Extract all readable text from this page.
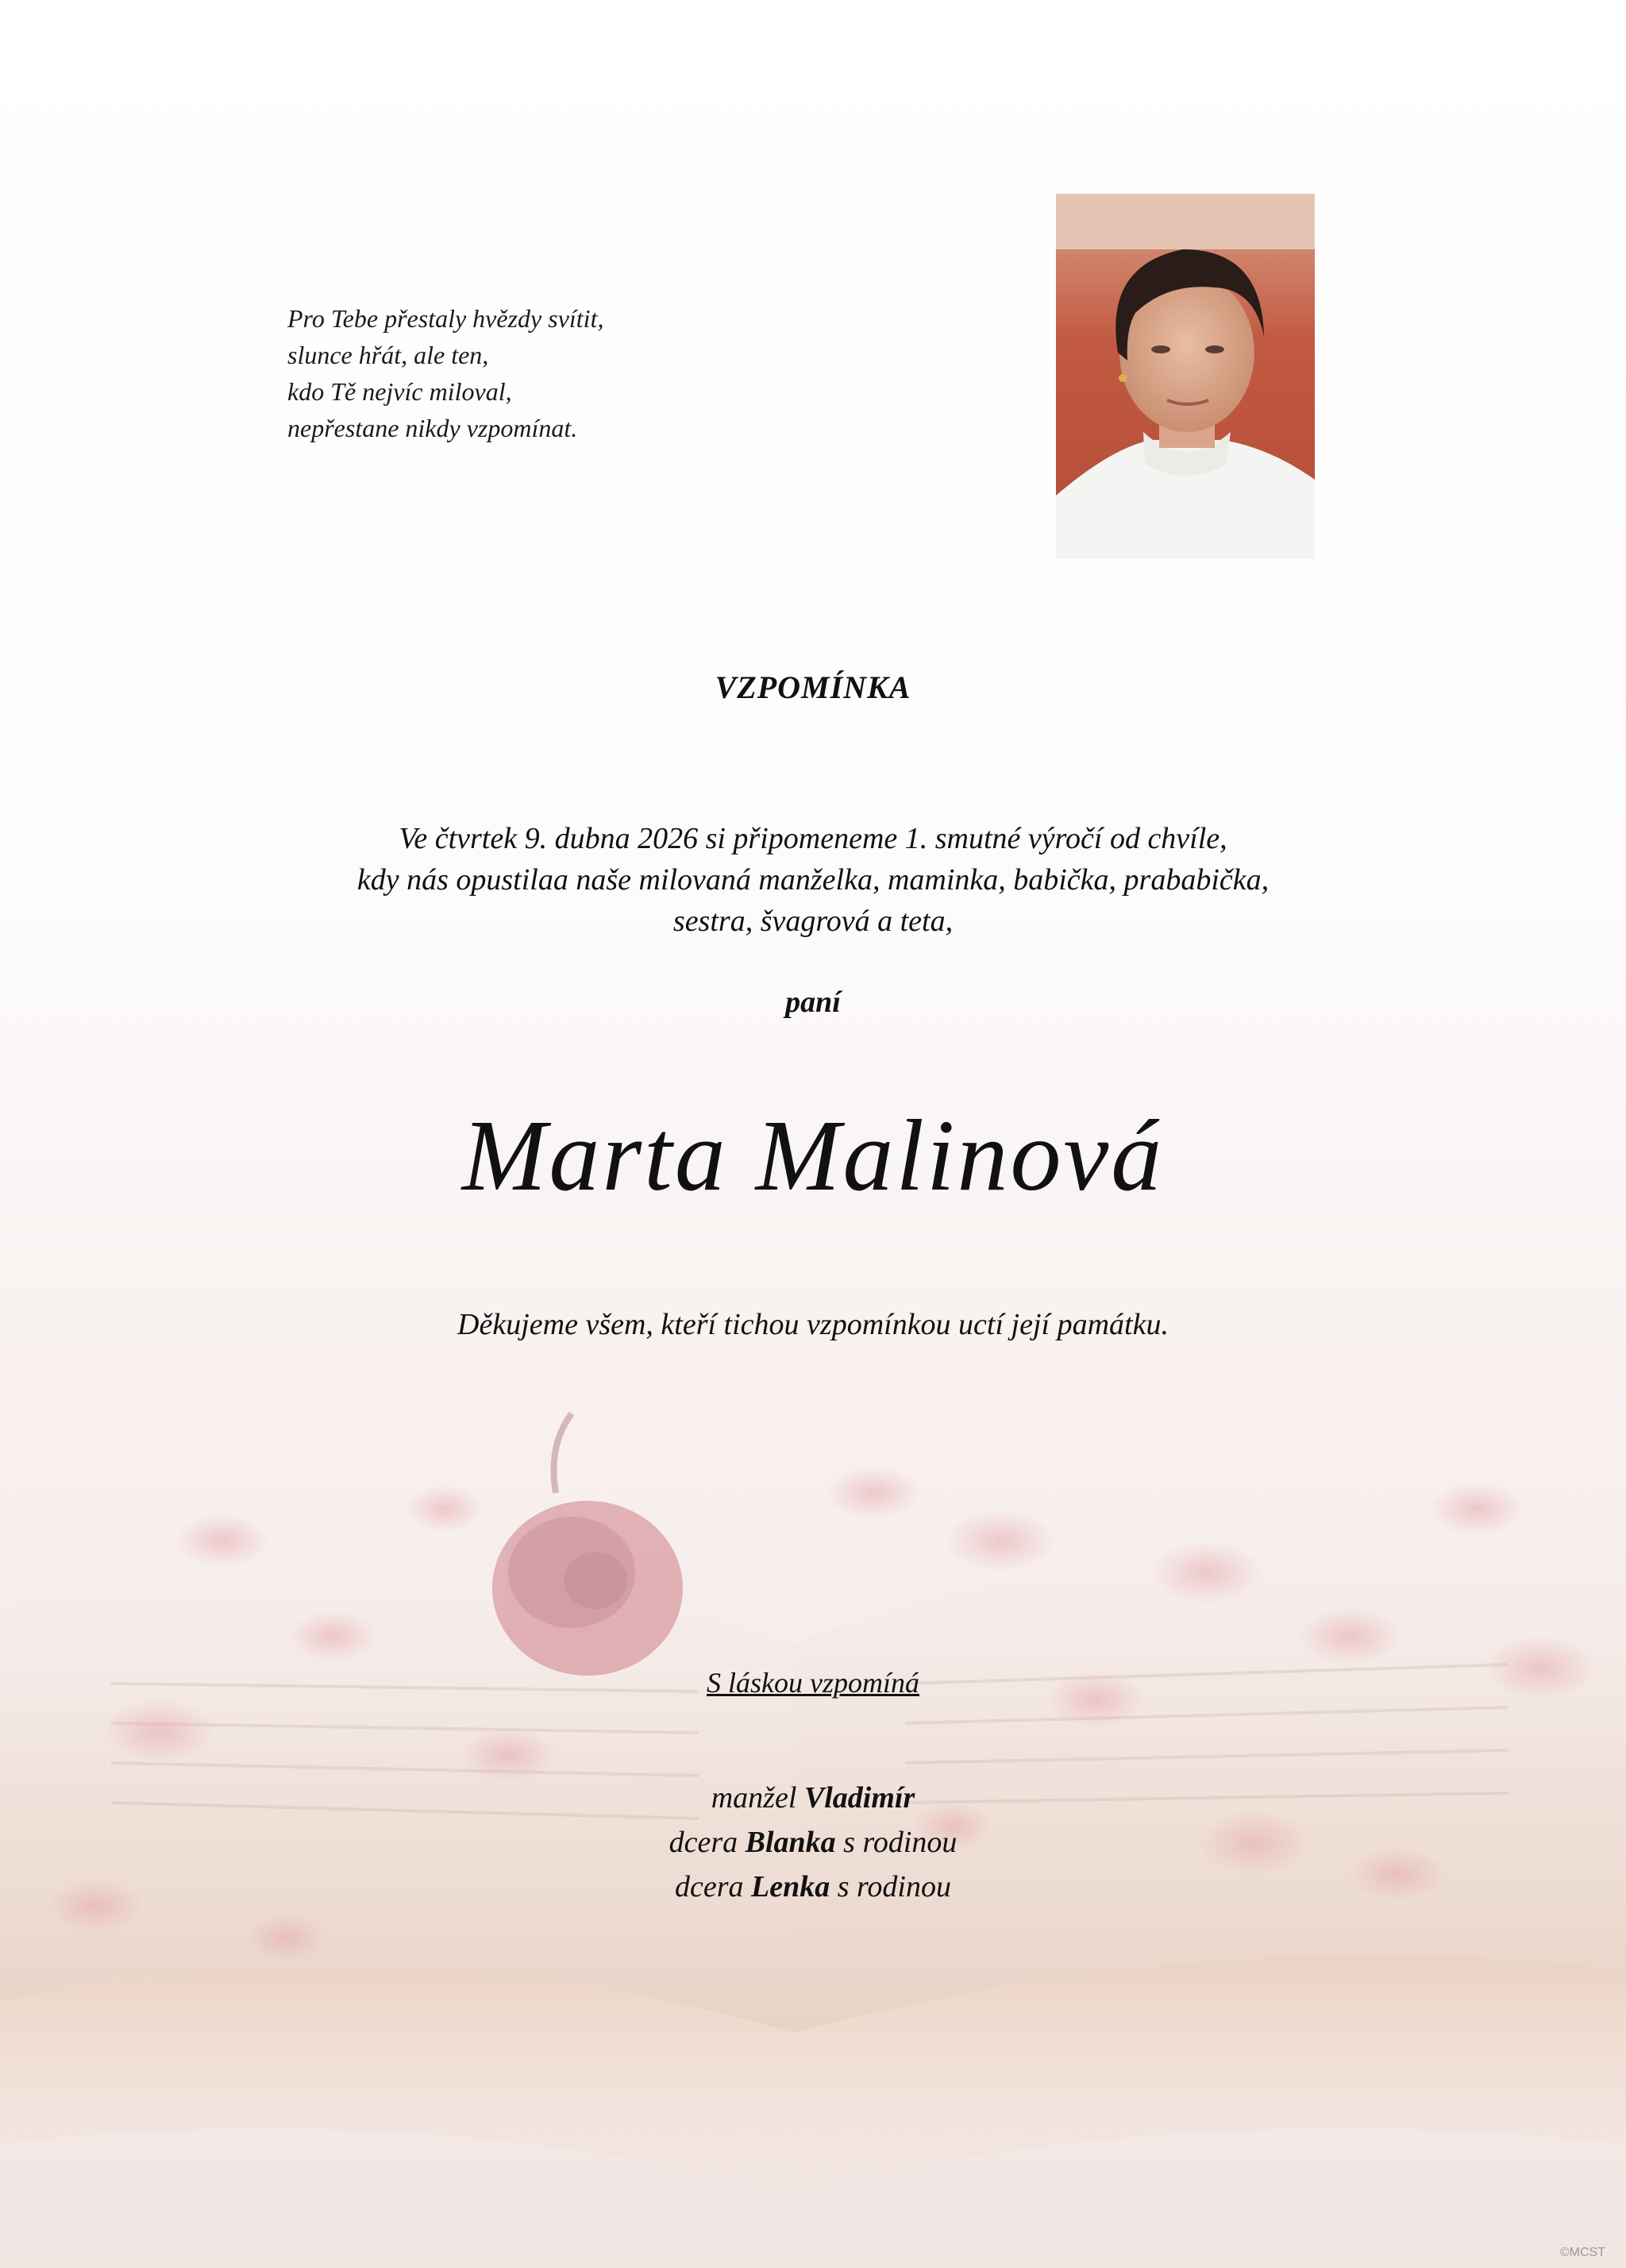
Pro Tebe přestaly hvězdy svítit,
slunce hřát, ale ten,
kdo Tě nejvíc miloval,
nepřestane nikdy vzpomínat.
VZPOMÍNKA
Ve čtvrtek 9. dubna 2026 si připomeneme 1. smutné výročí od chvíle,
kdy nás opustilaa naše milovaná manželka, maminka, babička, prababička,
sestra, švagrová a teta,
paní
Marta Malinová
Děkujeme všem, kteří tichou vzpomínkou uctí její památku.
S láskou vzpomíná
manžel Vladimír
dcera Blanka s rodinou
dcera Lenka s rodinou
©MCST
